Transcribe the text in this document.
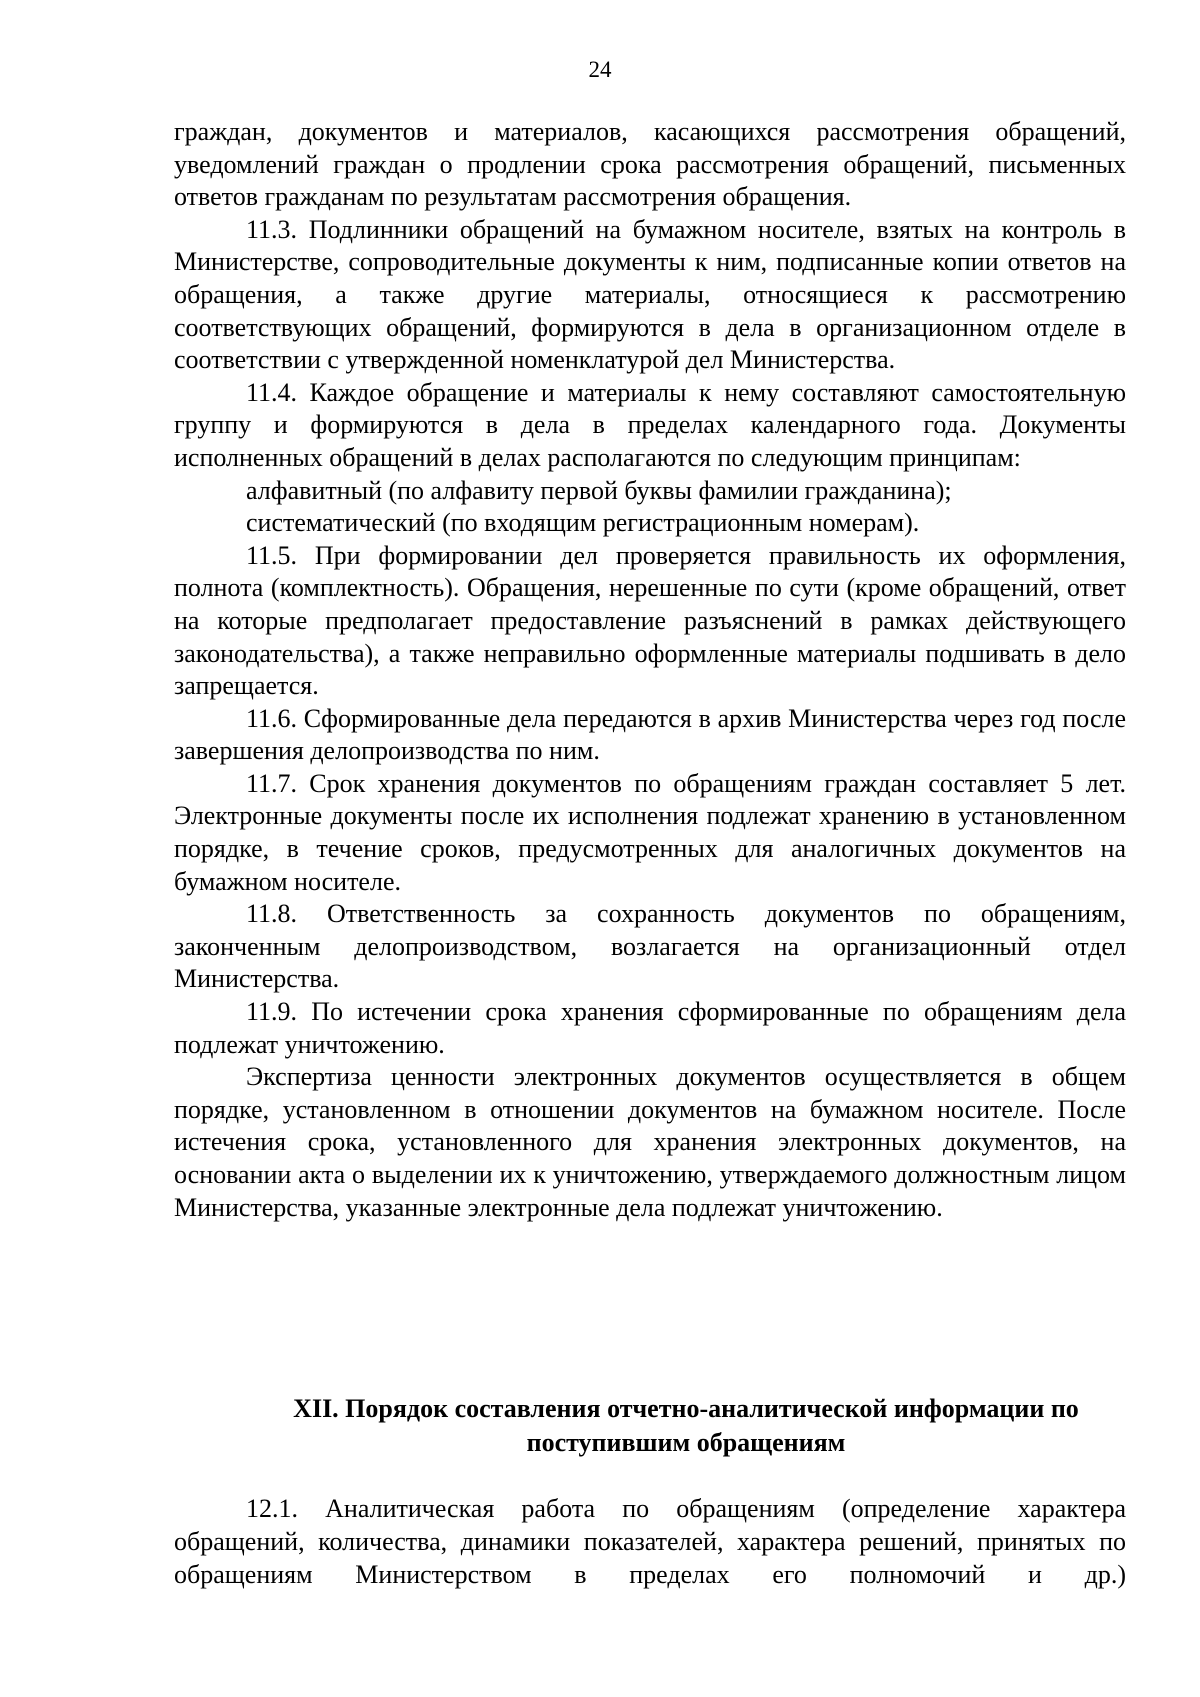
24

граждан, документов и материалов, касающихся рассмотрения обращений, уведомлений граждан о продлении срока рассмотрения обращений, письменных ответов гражданам по результатам рассмотрения обращения.

11.3. Подлинники обращений на бумажном носителе, взятых на контроль в Министерстве, сопроводительные документы к ним, подписанные копии ответов на обращения, а также другие материалы, относящиеся к рассмотрению соответствующих обращений, формируются в дела в организационном отделе в соответствии с утвержденной номенклатурой дел Министерства.

11.4. Каждое обращение и материалы к нему составляют самостоятельную группу и формируются в дела в пределах календарного года. Документы исполненных обращений в делах располагаются по следующим принципам:

алфавитный (по алфавиту первой буквы фамилии гражданина);

систематический (по входящим регистрационным номерам).

11.5. При формировании дел проверяется правильность их оформления, полнота (комплектность). Обращения, нерешенные по сути (кроме обращений, ответ на которые предполагает предоставление разъяснений в рамках действующего законодательства), а также неправильно оформленные материалы подшивать в дело запрещается.

11.6. Сформированные дела передаются в архив Министерства через год после завершения делопроизводства по ним.

11.7. Срок хранения документов по обращениям граждан составляет 5 лет. Электронные документы после их исполнения подлежат хранению в установленном порядке, в течение сроков, предусмотренных для аналогичных документов на бумажном носителе.

11.8. Ответственность за сохранность документов по обращениям, законченным делопроизводством, возлагается на организационный отдел Министерства.

11.9. По истечении срока хранения сформированные по обращениям дела подлежат уничтожению.

Экспертиза ценности электронных документов осуществляется в общем порядке, установленном в отношении документов на бумажном носителе. После истечения срока, установленного для хранения электронных документов, на основании акта о выделении их к уничтожению, утверждаемого должностным лицом Министерства, указанные электронные дела подлежат уничтожению.

XII. Порядок составления отчетно-аналитической информации по
поступившим обращениям

12.1. Аналитическая работа по обращениям (определение характера обращений, количества, динамики показателей, характера решений, принятых по обращениям Министерством в пределах его полномочий и др.)
